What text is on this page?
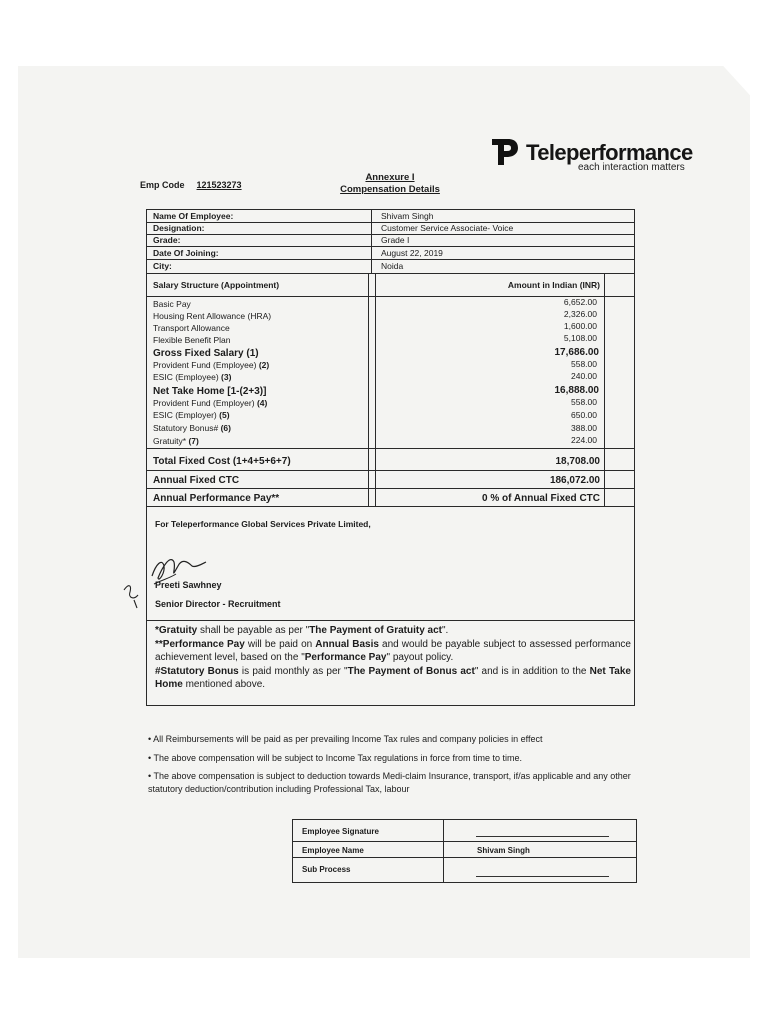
Teleperformance
each interaction matters
Emp Code 121523273
Annexure I
Compensation Details
Name Of Employee:	Shivam Singh
Designation:	Customer Service Associate- Voice
Grade:	Grade I
Date Of Joining:	August 22, 2019
City:	Noida
Salary Structure (Appointment)	Amount in Indian (INR)
Basic Pay	6,652.00
Housing Rent Allowance (HRA)	2,326.00
Transport Allowance	1,600.00
Flexible Benefit Plan	5,108.00
Gross Fixed Salary (1)	17,686.00
Provident Fund (Employee) (2)	558.00
ESIC (Employee) (3)	240.00
Net Take Home [1-(2+3)]	16,888.00
Provident Fund (Employer) (4)	558.00
ESIC (Employer) (5)	650.00
Statutory Bonus# (6)	388.00
Gratuity* (7)	224.00
Total Fixed Cost (1+4+5+6+7)	18,708.00
Annual Fixed CTC	186,072.00
Annual Performance Pay**	0 % of Annual Fixed CTC
For Teleperformance Global Services Private Limited,
Preeti Sawhney
Senior Director - Recruitment

*Gratuity shall be payable as per "The Payment of Gratuity act".

**Performance Pay will be paid on Annual Basis and would be payable subject to assessed performance achievement level, based on the "Performance Pay" payout policy.

#Statutory Bonus is paid monthly as per "The Payment of Bonus act" and is in addition to the Net Take Home mentioned above.

• All Reimbursements will be paid as per prevailing Income Tax rules and company policies in effect
• The above compensation will be subject to Income Tax regulations in force from time to time.
• The above compensation is subject to deduction towards Medi-claim Insurance, transport, if/as applicable and any other statutory deduction/contribution including Professional Tax, labour
Employee Signature
Employee Name	Shivam Singh
Sub Process
